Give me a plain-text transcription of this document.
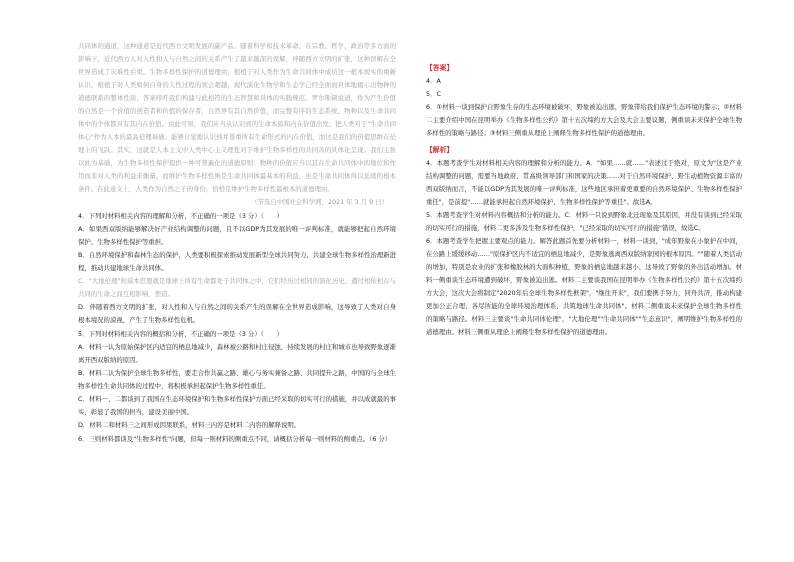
共同体的通道，这种通道是近代西方文明发展的副产品。随着科学和技术革命，在宗教、哲学、政治等多方面的影响下，近代西方人对人性和人与自然之间的关系产生了越来越深的误解，伴随西方文明的扩张，这种误解在全世界造成了灾难性后果。生物多样性保护的道德理由，根植于对人类作为生命共同体中成员这一根本现实的重新认识，根植于对人类如何自身的人性过程的领会超越，现代演化生物学和生态学已经全面而具体地揭示出物种的道德联系的整体性质，答案呼吁我们构建与此相符的生态智慧和具体的实践规范。罗尔斯顿说道，作为产生价值的自然是一个价值的创造者和价值的保存者，自然界有其自然价值，而完整有序的生态系统、物种以及生命共同体中的个体都具有其内在价值。由此可知，我们应当从认识到的生命本质和内在价值出发，把人类对于"生命共同体心"作为人本的最高伦理基础。能够自觉地认识到并尊重所有生命形式的内在价值，而这是我们的价值思维在伦理上的飞跃。其实，这就是人本主义中人类中心主义理性对于维护生物多样性的共同善的具体化呈现。我们主张以此为基础，为生物多样性保护提供一种可普遍化的道德原则：物种的价值应当以其在生命共同体中的地位和作用而非对人类的利益来衡量，而维护生物多样性则是生命共同体最基本的利益，也是生命共同体得以延续的根本条件。在此意义上，人类作为自然之子的身份，恰恰是维护生物多样性最根本的道德理由。

（节选自中国社会科学网，2021 年 3 月 9 日）

4．下列对材料相关内容的理解和分析，不正确的一项是（3 分）（　　）

A．如果西双版纳能够解决好产业结构调整的问题，且不以GDP为其发展的唯一评判标准，就能够把起自然环境保护、生物多样性保护等重担。

B．自然环境保护和森林生态的保护，人类要积极探索推动发展新型全球共同努力，共建全球生物多样性治理新进程，推动共建地球生命共同体。

C．"大地伦理"的基本思想就是地球上所有生命都处于共同体之中，它们经历过相同的演化历史，遭过相依相存与共同的生命之间互相影响、塑造。

D．伴随着西方文明的扩张，对人性和人与自然之间的关系产生的误解在全世界造成影响，这导致了人类对自身根本境况的漠视，产生了生物多样性危机。

5．下列对材料相关内容的概括和分析，不正确的一项是（3 分）（　　）

A．材料一认为原始保护区内适宜的栖息地减少，森林被公路和村庄侵蚀，持续发展的村庄和城市也导致野象逐渐离开西双版纳的原因。

B．材料二认为保护全球生物多样性，要走合作共赢之路、雄心与务实兼备之路、共同提升之路，中国的与全球生物多样性生命共同体的过程中，将积极承担起保护生物多样性重任。

C．材料一、二都谈到了我国在生态环境保护和生物多样性保护方面已经采取的切实可行的措施，并以成就最的事实，彰显了我国的担当，建设美丽中国。

D．材料二和材料三之间形成因果联系，材料三内容是材料二内容的解释说明。

6．三则材料都谈及"生物多样性"问题，但每一则材料的侧重点不同，请概括分析每一则材料的侧重点。（6 分）

【答案】

4．A

5．C

6．①材料一谈到保护自野象生存的生态环境被破坏，野象被迫出逃，野象带给我们保护生态环境的警示；②材料二主要介绍中国在昆明举办《生物多样性公约》第十五次缔约方大会及大会主要议题，侧重谈未来保护全球生物多样性的策略与路径；③材料三侧重从理论上阐释生物多样性保护的道德理由。

【解析】

4．本题考查学生对材料相关内容的理解和分析的能力。A．"如果……就……"表述过于绝对，原文为"这是产业结构调整的问题，需要当地政府、贯高级领导部门和国家的决策……对于自然环境保护、野生动植物资源丰富的西双版纳而言，不能以GDP为其发展的唯一评判标准，这些地区承担着更重要的自然环境保护、生物多样性保护重任"，是前提"……就能承担起自然环境保护、生物多样性保护等重任"。故选A。

5．本题考查学生对材料内容概括和分析的能力。C．材料一只说到野象北迁现象及其原因，并没有谈到已经采取的切实可行的措施，材料二更多涉及生物多样性保护，"已经采取的切实可行的措施"错误，故选C。

6．本题考查学生把握主要观点的能力。解答此题首先要分析材料一，材料一谈到，"成年野象在小象护在中间，在公路上缓缓移动……"原保护区内不适宜的栖息地减少，是野象逃离西双版纳家园的根本原因。""随着人类活动的增加，特别是农业的扩张和橡胶林的大面积种植，野象的栖息地越来越小，这导致了野象的外出活动增加。材料一侧重谈生态环境遭到破坏，野象被迫出逃。材料二主要谈我国在昆明举办《生物多样性公约》第十五次缔约方大会，这次大会将制定"2020年后全球生物多样性框架"，"继往开来"，我们要携手努力，同舟共济，推动构建更加公正合理、各尽所能的全球环境治理体系，共筑地球生命共同体"。材料二侧重谈未来保护全球生物多样性的策略与路径。材料三主要谈"生命共同体伦理"，"大地伦理""生命共同体""生态意识"，阐明维护生物多样性的道德理由。材料三侧重从理论上阐释生物多样性保护的道德理由。
